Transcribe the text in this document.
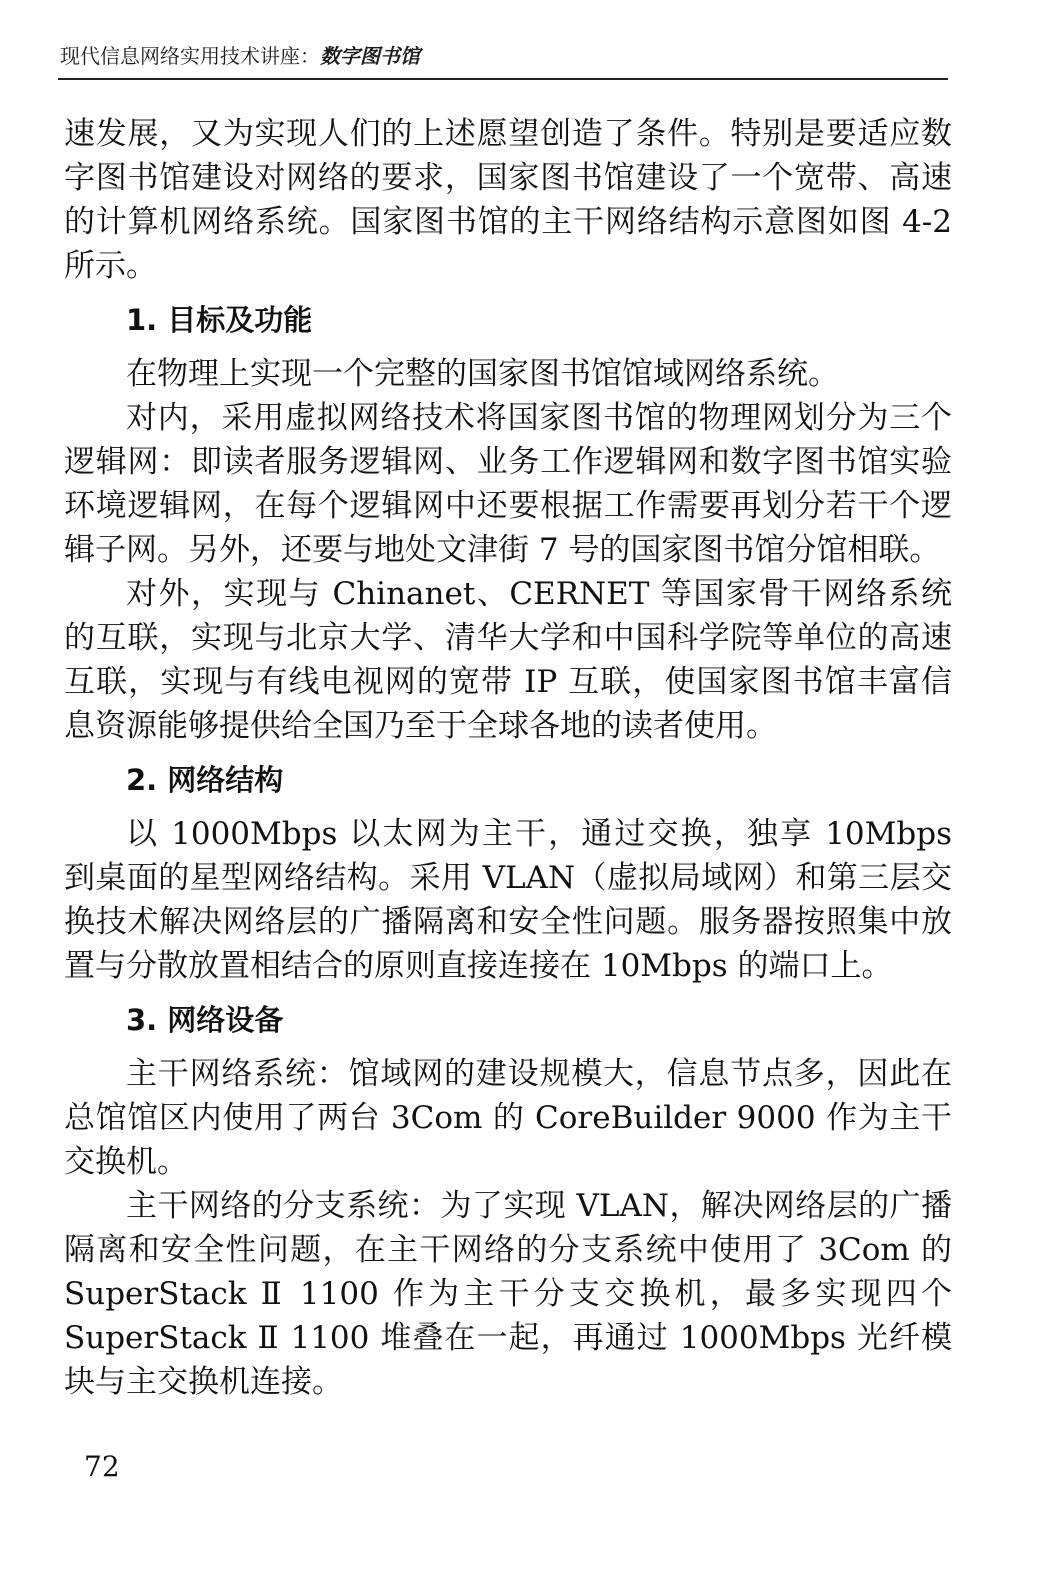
现代信息网络实用技术讲座：数字图书馆

速发展，又为实现人们的上述愿望创造了条件。特别是要适应数字图书馆建设对网络的要求，国家图书馆建设了一个宽带、高速的计算机网络系统。国家图书馆的主干网络结构示意图如图 4-2 所示。

1. 目标及功能

在物理上实现一个完整的国家图书馆馆域网络系统。

对内，采用虚拟网络技术将国家图书馆的物理网划分为三个逻辑网：即读者服务逻辑网、业务工作逻辑网和数字图书馆实验环境逻辑网，在每个逻辑网中还要根据工作需要再划分若干个逻辑子网。另外，还要与地处文津街 7 号的国家图书馆分馆相联。

对外，实现与 Chinanet、CERNET 等国家骨干网络系统的互联，实现与北京大学、清华大学和中国科学院等单位的高速互联，实现与有线电视网的宽带 IP 互联，使国家图书馆丰富信息资源能够提供给全国乃至于全球各地的读者使用。

2. 网络结构

以 1000Mbps 以太网为主干，通过交换，独享 10Mbps 到桌面的星型网络结构。采用 VLAN（虚拟局域网）和第三层交换技术解决网络层的广播隔离和安全性问题。服务器按照集中放置与分散放置相结合的原则直接连接在 10Mbps 的端口上。

3. 网络设备

主干网络系统：馆域网的建设规模大，信息节点多，因此在总馆馆区内使用了两台 3Com 的 CoreBuilder 9000 作为主干交换机。

主干网络的分支系统：为了实现 VLAN，解决网络层的广播隔离和安全性问题，在主干网络的分支系统中使用了 3Com 的 SuperStack Ⅱ 1100 作为主干分支交换机，最多实现四个 SuperStack Ⅱ 1100 堆叠在一起，再通过 1000Mbps 光纤模块与主交换机连接。

72
